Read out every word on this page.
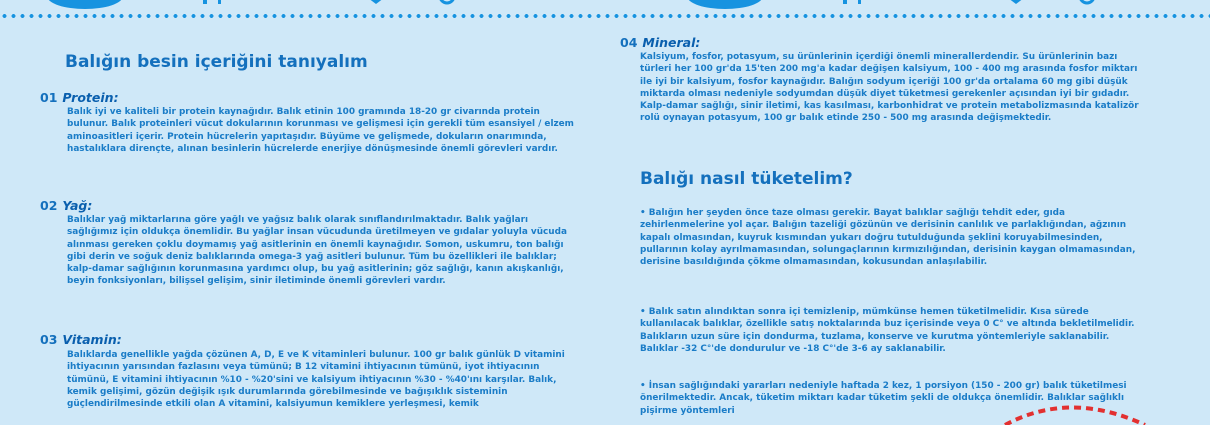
Balığın besin içeriğini tanıyalım
01 Protein:

Balık iyi ve kaliteli bir protein kaynağıdır. Balık etinin 100 gramında 18-20 gr civarında protein bulunur. Balık proteinleri vücut dokularının korunması ve gelişmesi için gerekli tüm esansiyel / elzem aminoasitleri içerir. Protein hücrelerin yapıtaşıdır. Büyüme ve gelişmede, dokuların onarımında, hastalıklara dirençte, alınan besinlerin hücrelerde enerjiye dönüşmesinde önemli görevleri vardır.

02 Yağ:

Balıklar yağ miktarlarına göre yağlı ve yağsız balık olarak sınıflandırılmaktadır. Balık yağları sağlığımız için oldukça önemlidir. Bu yağlar insan vücudunda üretilmeyen ve gıdalar yoluyla vücuda alınması gereken çoklu doymamış yağ asitlerinin en önemli kaynağıdır. Somon, uskumru, ton balığı gibi derin ve soğuk deniz balıklarında omega-3 yağ asitleri bulunur. Tüm bu özellikleri ile balıklar; kalp-damar sağlığının korunmasına yardımcı olup, bu yağ asitlerinin; göz sağlığı, kanın akışkanlığı, beyin fonksiyonları, bilişsel gelişim, sinir iletiminde önemli görevleri vardır.

03 Vitamin:

Balıklarda genellikle yağda çözünen A, D, E ve K vitaminleri bulunur. 100 gr balık günlük D vitamini ihtiyacının yarısından fazlasını veya tümünü; B 12 vitamini ihtiyacının tümünü, iyot ihtiyacının tümünü, E vitamini ihtiyacının %10 - %20'sini ve kalsiyum ihtiyacının %30 - %40'ını karşılar. Balık, kemik gelişimi, gözün değişik ışık durumlarında görebilmesinde ve bağışıklık sisteminin güçlendirilmesinde etkili olan A vitamini, kalsiyumun kemiklere yerleşmesi, kemik

04 Mineral:

Kalsiyum, fosfor, potasyum, su ürünlerinin içerdiği önemli minerallerdendir. Su ürünlerinin bazı türleri her 100 gr'da 15'ten 200 mg'a kadar değişen kalsiyum, 100 - 400 mg arasında fosfor miktarı ile iyi bir kalsiyum, fosfor kaynağıdır. Balığın sodyum içeriği 100 gr'da ortalama 60 mg gibi düşük miktarda olması nedeniyle sodyumdan düşük diyet tüketmesi gerekenler açısından iyi bir gıdadır. Kalp-damar sağlığı, sinir iletimi, kas kasılması, karbonhidrat ve protein metabolizmasında katalizör rolü oynayan potasyum, 100 gr balık etinde 250 - 500 mg arasında değişmektedir.

Balığı nasıl tüketelim?

• Balığın her şeyden önce taze olması gerekir. Bayat balıklar sağlığı tehdit eder, gıda zehirlenmelerine yol açar. Balığın tazeliği gözünün ve derisinin canlılık ve parlaklığından, ağzının kapalı olmasından, kuyruk kısmından yukarı doğru tutulduğunda şeklini koruyabilmesinden, pullarının kolay ayrılmamasından, solungaçlarının kırmızılığından, derisinin kaygan olmamasından, derisine basıldığında çökme olmamasından, kokusundan anlaşılabilir.

• Balık satın alındıktan sonra içi temizlenip, mümkünse hemen tüketilmelidir. Kısa sürede kullanılacak balıklar, özellikle satış noktalarında buz içerisinde veya 0 C° ve altında bekletilmelidir. Balıkların uzun süre için dondurma, tuzlama, konserve ve kurutma yöntemleriyle saklanabilir. Balıklar -32 C°'de dondurulur ve -18 C°'de 3-6 ay saklanabilir.

• İnsan sağlığındaki yararları nedeniyle haftada 2 kez, 1 porsiyon (150 - 200 gr) balık tüketilmesi önerilmektedir. Ancak, tüketim miktarı kadar tüketim şekli de oldukça önemlidir. Balıklar sağlıklı pişirme yöntemleri
